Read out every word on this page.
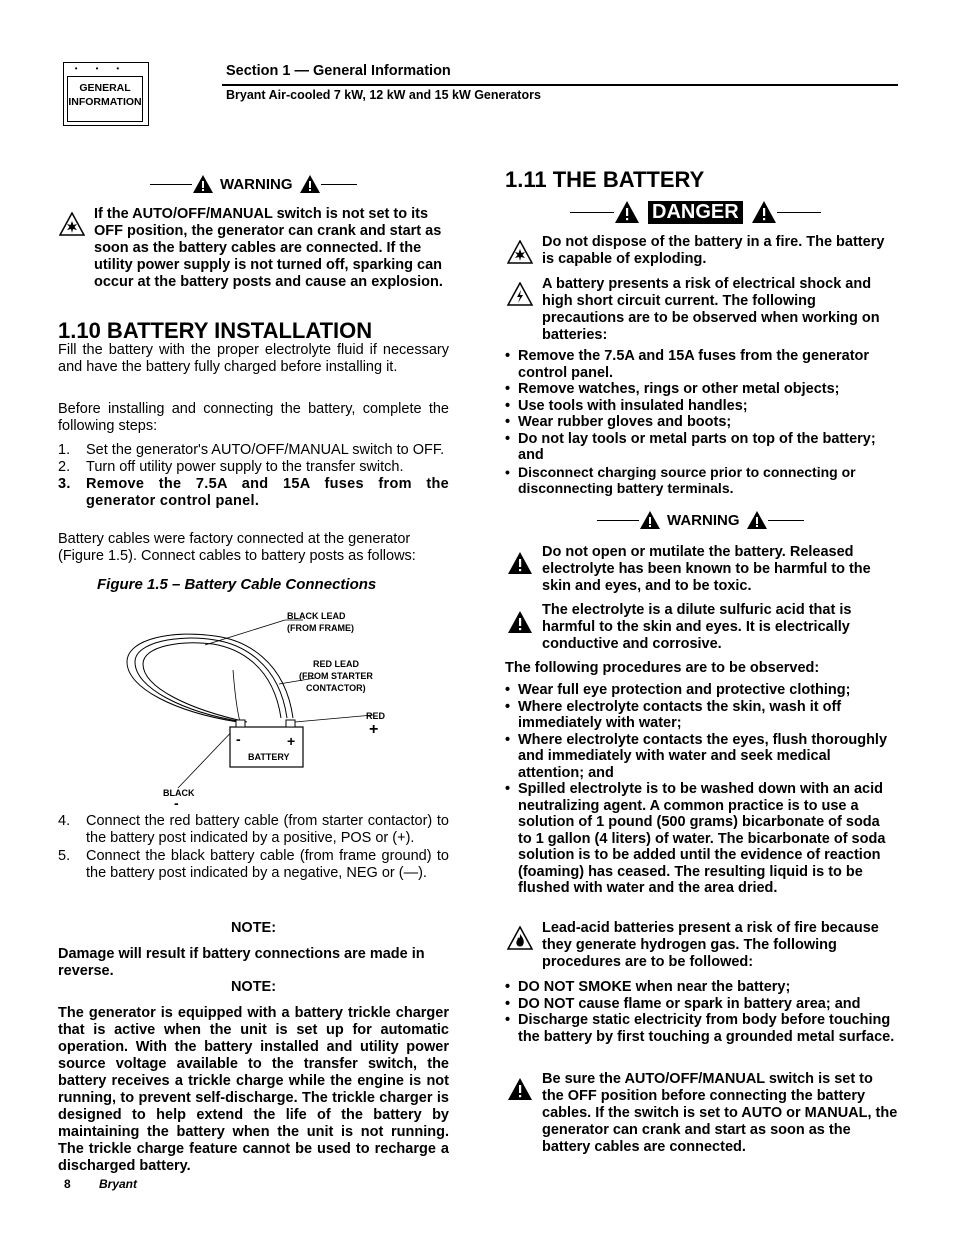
•••
GENERAL
INFORMATION
Section 1 — General Information
Bryant Air-cooled 7 kW, 12 kW and 15 kW Generators
WARNING
If the AUTO/OFF/MANUAL switch is not set to its OFF position, the generator can crank and start as soon as the battery cables are connected. If the utility power supply is not turned off, sparking can occur at the battery posts and cause an explosion.
1.10 BATTERY INSTALLATION
Fill the battery with the proper electrolyte fluid if necessary and have the battery fully charged before installing it.
Before installing and connecting the battery, complete the following steps:
1. Set the generator's AUTO/OFF/MANUAL switch to OFF.
2. Turn off utility power supply to the transfer switch.
3. Remove the 7.5A and 15A fuses from the generator control panel.
Battery cables were factory connected at the generator (Figure 1.5). Connect cables to battery posts as follows:
Figure 1.5 – Battery Cable Connections
-	+
BATTERY
BLACK LEAD
(FROM FRAME)
RED LEAD
(FROM STARTER
CONTACTOR)
RED
+
BLACK
-
4. Connect the red battery cable (from starter contactor) to the battery post indicated by a positive, POS or (+).
5. Connect the black battery cable (from frame ground) to the battery post indicated by a negative, NEG or (—).
NOTE:
Damage will result if battery connections are made in reverse.
NOTE:
The generator is equipped with a battery trickle charger that is active when the unit is set up for automatic operation. With the battery installed and utility power source voltage available to the transfer switch, the battery receives a trickle charge while the engine is not running, to prevent self-discharge. The trickle charger is designed to help extend the life of the battery by maintaining the battery when the unit is not running. The trickle charge feature cannot be used to recharge a discharged battery.
8 Bryant
1.11 THE BATTERY
DANGER
Do not dispose of the battery in a fire. The battery is capable of exploding.
A battery presents a risk of electrical shock and high short circuit current. The following precautions are to be observed when working on batteries:
• Remove the 7.5A and 15A fuses from the generator control panel.
• Remove watches, rings or other metal objects;
• Use tools with insulated handles;
• Wear rubber gloves and boots;
• Do not lay tools or metal parts on top of the battery; and
• Disconnect charging source prior to connecting or disconnecting battery terminals.
WARNING
Do not open or mutilate the battery. Released electrolyte has been known to be harmful to the skin and eyes, and to be toxic.
The electrolyte is a dilute sulfuric acid that is harmful to the skin and eyes. It is electrically conductive and corrosive.
The following procedures are to be observed:
• Wear full eye protection and protective clothing;
• Where electrolyte contacts the skin, wash it off immediately with water;
• Where electrolyte contacts the eyes, flush thoroughly and immediately with water and seek medical attention; and
• Spilled electrolyte is to be washed down with an acid neutralizing agent. A common practice is to use a solution of 1 pound (500 grams) bicarbonate of soda to 1 gallon (4 liters) of water. The bicarbonate of soda solution is to be added until the evidence of reaction (foaming) has ceased. The resulting liquid is to be flushed with water and the area dried.
Lead-acid batteries present a risk of fire because they generate hydrogen gas. The following procedures are to be followed:
• DO NOT SMOKE when near the battery;
• DO NOT cause flame or spark in battery area; and
• Discharge static electricity from body before touching the battery by first touching a grounded metal surface.
Be sure the AUTO/OFF/MANUAL switch is set to the OFF position before connecting the battery cables. If the switch is set to AUTO or MANUAL, the generator can crank and start as soon as the battery cables are connected.
